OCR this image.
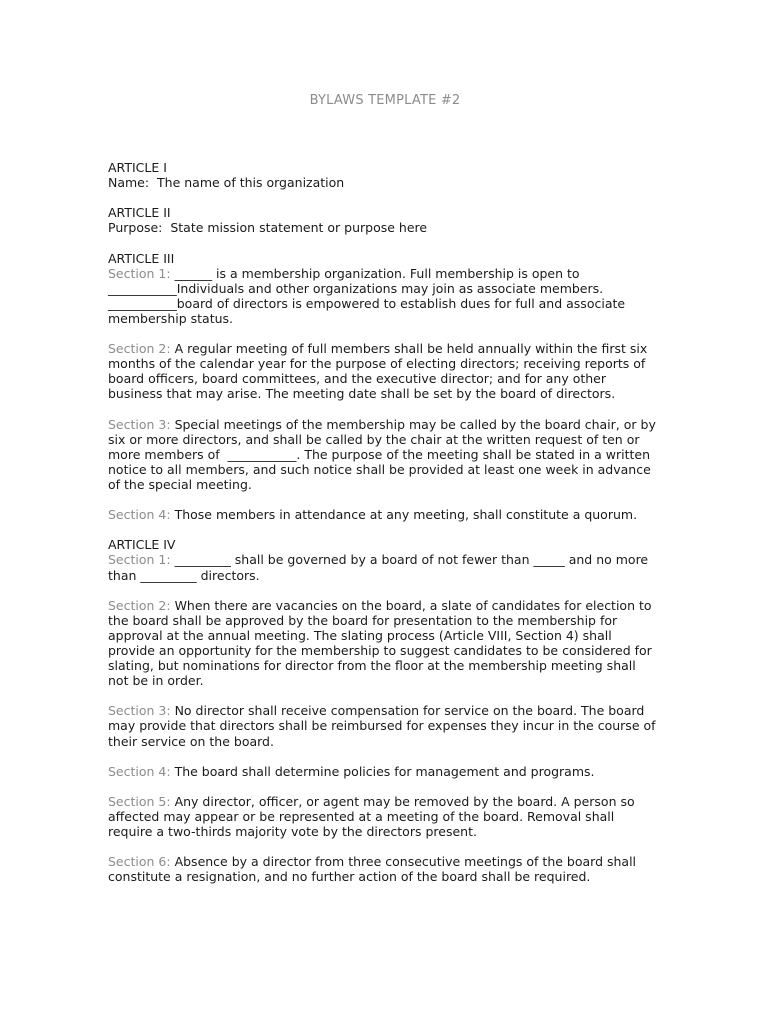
BYLAWS TEMPLATE #2
ARTICLE I
Name:  The name of this organization
ARTICLE II
Purpose:  State mission statement or purpose here
ARTICLE III
Section 1: ______ is a membership organization. Full membership is open to
___________Individuals and other organizations may join as associate members.
___________board of directors is empowered to establish dues for full and associate
membership status.
Section 2: A regular meeting of full members shall be held annually within the first six
months of the calendar year for the purpose of electing directors; receiving reports of
board officers, board committees, and the executive director; and for any other
business that may arise. The meeting date shall be set by the board of directors.
Section 3: Special meetings of the membership may be called by the board chair, or by
six or more directors, and shall be called by the chair at the written request of ten or
more members of  ___________. The purpose of the meeting shall be stated in a written
notice to all members, and such notice shall be provided at least one week in advance
of the special meeting.
Section 4: Those members in attendance at any meeting, shall constitute a quorum.
ARTICLE IV
Section 1: _________ shall be governed by a board of not fewer than _____ and no more
than _________ directors.
Section 2: When there are vacancies on the board, a slate of candidates for election to
the board shall be approved by the board for presentation to the membership for
approval at the annual meeting. The slating process (Article VIII, Section 4) shall
provide an opportunity for the membership to suggest candidates to be considered for
slating, but nominations for director from the floor at the membership meeting shall
not be in order.
Section 3: No director shall receive compensation for service on the board. The board
may provide that directors shall be reimbursed for expenses they incur in the course of
their service on the board.
Section 4: The board shall determine policies for management and programs.
Section 5: Any director, officer, or agent may be removed by the board. A person so
affected may appear or be represented at a meeting of the board. Removal shall
require a two-thirds majority vote by the directors present.
Section 6: Absence by a director from three consecutive meetings of the board shall
constitute a resignation, and no further action of the board shall be required.
